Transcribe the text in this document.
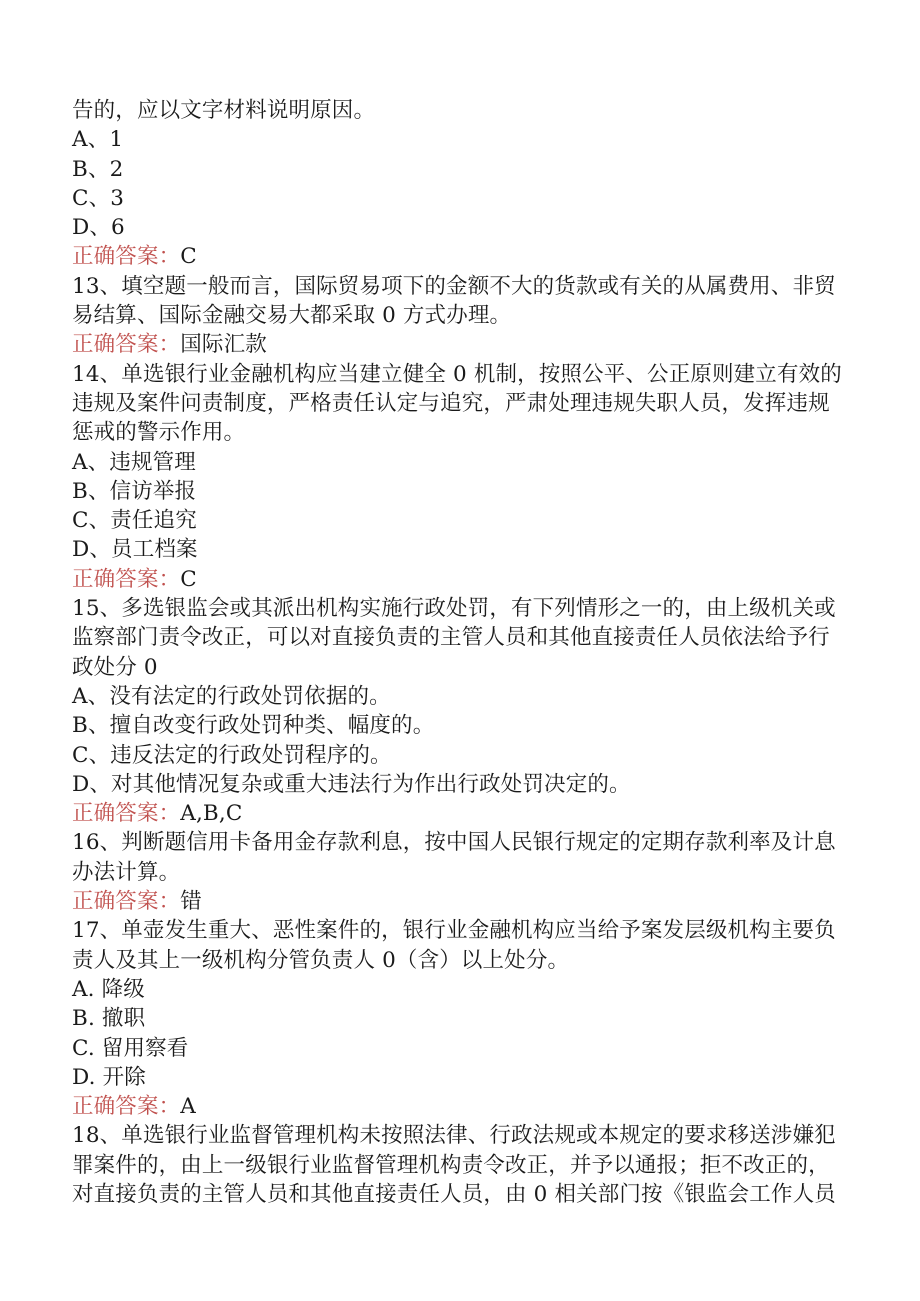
告的，应以文字材料说明原因。
A、1
B、2
C、3
D、6
正确答案：C
13、填空题一般而言，国际贸易项下的金额不大的货款或有关的从属费用、非贸易结算、国际金融交易大都采取 0 方式办理。
正确答案：国际汇款
14、单选银行业金融机构应当建立健全 0 机制，按照公平、公正原则建立有效的违规及案件问责制度，严格责任认定与追究，严肃处理违规失职人员，发挥违规惩戒的警示作用。
A、违规管理
B、信访举报
C、责任追究
D、员工档案
正确答案：C
15、多选银监会或其派出机构实施行政处罚，有下列情形之一的，由上级机关或监察部门责令改正，可以对直接负责的主管人员和其他直接责任人员依法给予行政处分 0
A、没有法定的行政处罚依据的。
B、擅自改变行政处罚种类、幅度的。
C、违反法定的行政处罚程序的。
D、对其他情况复杂或重大违法行为作出行政处罚决定的。
正确答案：A,B,C
16、判断题信用卡备用金存款利息，按中国人民银行规定的定期存款利率及计息办法计算。
正确答案：错
17、单壶发生重大、恶性案件的，银行业金融机构应当给予案发层级机构主要负责人及其上一级机构分管负责人 0（含）以上处分。
A. 降级
B. 撤职
C. 留用察看
D. 开除
正确答案：A
18、单选银行业监督管理机构未按照法律、行政法规或本规定的要求移送涉嫌犯罪案件的，由上一级银行业监督管理机构责令改正，并予以通报；拒不改正的，对直接负责的主管人员和其他直接责任人员，由 0 相关部门按《银监会工作人员
